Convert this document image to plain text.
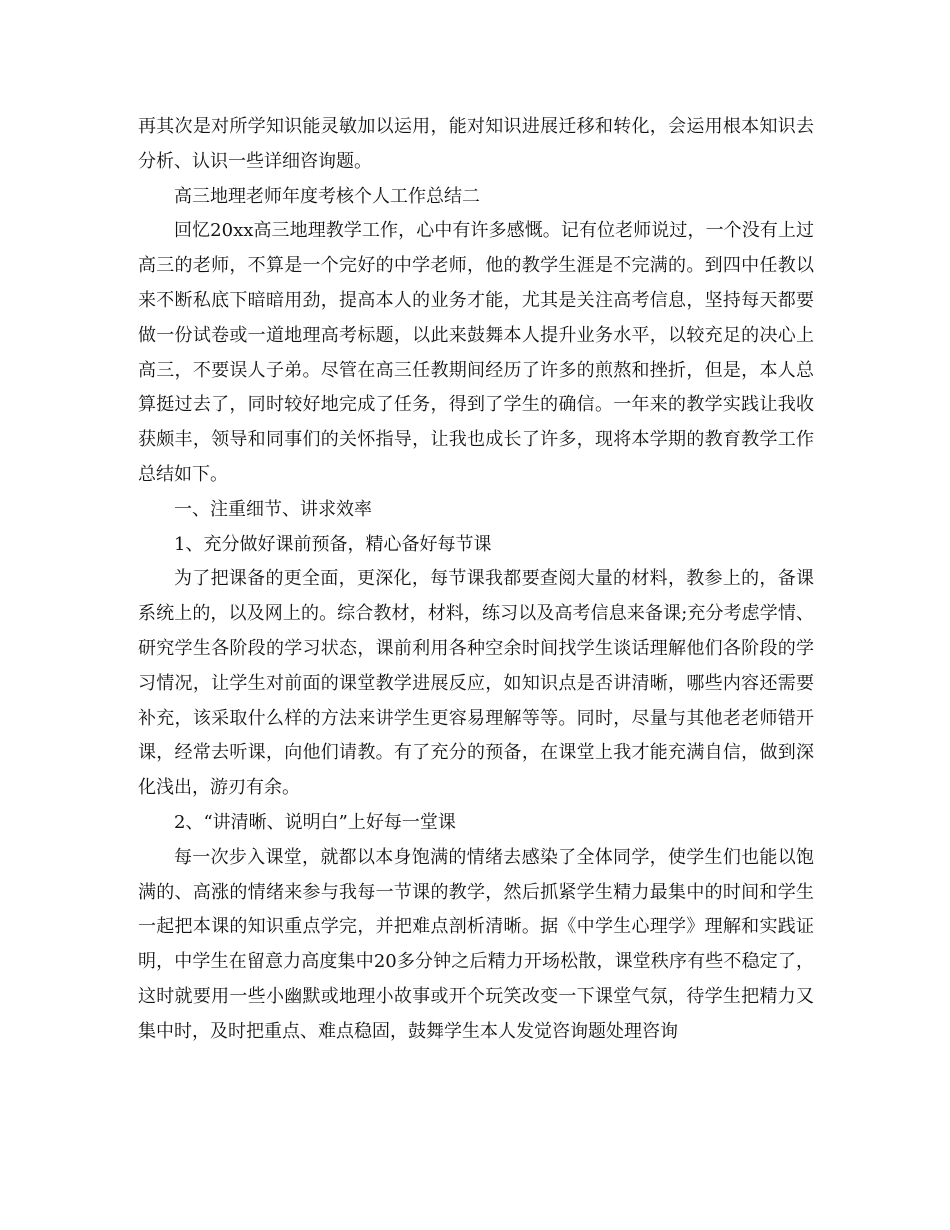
再其次是对所学知识能灵敏加以运用，能对知识进展迁移和转化，会运用根本知识去分析、认识一些详细咨询题。

高三地理老师年度考核个人工作总结二

回忆20xx高三地理教学工作，心中有许多感慨。记有位老师说过，一个没有上过高三的老师，不算是一个完好的中学老师，他的教学生涯是不完满的。到四中任教以来不断私底下暗暗用劲，提高本人的业务才能，尤其是关注高考信息，坚持每天都要做一份试卷或一道地理高考标题，以此来鼓舞本人提升业务水平，以较充足的决心上高三，不要误人子弟。尽管在高三任教期间经历了许多的煎熬和挫折，但是，本人总算挺过去了，同时较好地完成了任务，得到了学生的确信。一年来的教学实践让我收获颇丰，领导和同事们的关怀指导，让我也成长了许多，现将本学期的教育教学工作总结如下。

一、注重细节、讲求效率

1、充分做好课前预备，精心备好每节课

为了把课备的更全面，更深化，每节课我都要查阅大量的材料，教参上的，备课系统上的，以及网上的。综合教材，材料，练习以及高考信息来备课;充分考虑学情、研究学生各阶段的学习状态，课前利用各种空余时间找学生谈话理解他们各阶段的学习情况，让学生对前面的课堂教学进展反应，如知识点是否讲清晰，哪些内容还需要补充，该采取什么样的方法来讲学生更容易理解等等。同时，尽量与其他老老师错开课，经常去听课，向他们请教。有了充分的预备，在课堂上我才能充满自信，做到深化浅出，游刃有余。

2、“讲清晰、说明白”上好每一堂课

每一次步入课堂，就都以本身饱满的情绪去感染了全体同学，使学生们也能以饱满的、高涨的情绪来参与我每一节课的教学，然后抓紧学生精力最集中的时间和学生一起把本课的知识重点学完，并把难点剖析清晰。据《中学生心理学》理解和实践证明，中学生在留意力高度集中20多分钟之后精力开场松散，课堂秩序有些不稳定了，这时就要用一些小幽默或地理小故事或开个玩笑改变一下课堂气氛，待学生把精力又集中时，及时把重点、难点稳固，鼓舞学生本人发觉咨询题处理咨询
